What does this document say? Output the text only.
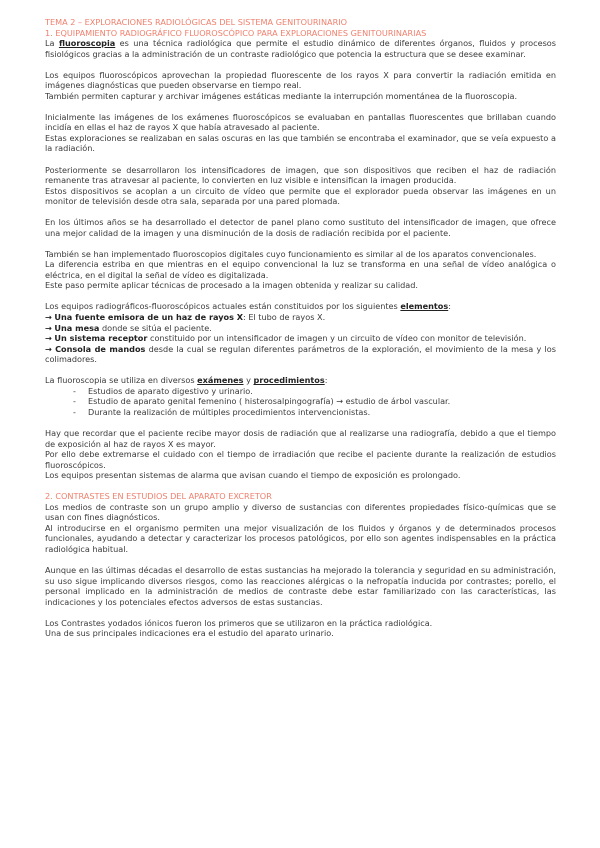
TEMA 2 – EXPLORACIONES RADIOLÓGICAS DEL SISTEMA GENITOURINARIO

1. EQUIPAMIENTO RADIOGRÁFICO FLUOROSCÓPICO PARA EXPLORACIONES GENITOURINARIAS

La fluoroscopia es una técnica radiológica que permite el estudio dinámico de diferentes órganos, fluidos y procesos fisiológicos gracias a la administración de un contraste radiológico que potencia la estructura que se desee examinar.

Los equipos fluoroscópicos aprovechan la propiedad fluorescente de los rayos X para convertir la radiación emitida en imágenes diagnósticas que pueden observarse en tiempo real.

También permiten capturar y archivar imágenes estáticas mediante la interrupción momentánea de la fluoroscopia.

Inicialmente las imágenes de los exámenes fluoroscópicos se evaluaban en pantallas fluorescentes que brillaban cuando incidía en ellas el haz de rayos X que había atravesado al paciente.

Estas exploraciones se realizaban en salas oscuras en las que también se encontraba el examinador, que se veía expuesto a la radiación.

Posteriormente se desarrollaron los intensificadores de imagen, que son dispositivos que reciben el haz de radiación remanente tras atravesar al paciente, lo convierten en luz visible e intensifican la imagen producida.

Estos dispositivos se acoplan a un circuito de vídeo que permite que el explorador pueda observar las imágenes en un monitor de televisión desde otra sala, separada por una pared plomada.

En los últimos años se ha desarrollado el detector de panel plano como sustituto del intensificador de imagen, que ofrece una mejor calidad de la imagen y una disminución de la dosis de radiación recibida por el paciente.

También se han implementado fluoroscopios digitales cuyo funcionamiento es similar al de los aparatos convencionales.

La diferencia estriba en que mientras en el equipo convencional la luz se transforma en una señal de vídeo analógica o eléctrica, en el digital la señal de vídeo es digitalizada.

Este paso permite aplicar técnicas de procesado a la imagen obtenida y realizar su calidad.

Los equipos radiográficos-fluoroscópicos actuales están constituidos por los siguientes elementos:

→ Una fuente emisora de un haz de rayos X: El tubo de rayos X.

→ Una mesa donde se sitúa el paciente.

→ Un sistema receptor constituido por un intensificador de imagen y un circuito de vídeo con monitor de televisión.

→ Consola de mandos desde la cual se regulan diferentes parámetros de la exploración, el movimiento de la mesa y los colimadores.

La fluoroscopia se utiliza en diversos exámenes y procedimientos:

- Estudios de aparato digestivo y urinario.
- Estudio de aparato genital femenino ( histerosalpingografía) → estudio de árbol vascular.
- Durante la realización de múltiples procedimientos intervencionistas.

Hay que recordar que el paciente recibe mayor dosis de radiación que al realizarse una radiografía, debido a que el tiempo de exposición al haz de rayos X es mayor.

Por ello debe extremarse el cuidado con el tiempo de irradiación que recibe el paciente durante la realización de estudios fluoroscópicos.

Los equipos presentan sistemas de alarma que avisan cuando el tiempo de exposición es prolongado.

2. CONTRASTES EN ESTUDIOS DEL APARATO EXCRETOR

Los medios de contraste son un grupo amplio y diverso de sustancias con diferentes propiedades físico-químicas que se usan con fines diagnósticos.

Al introducirse en el organismo permiten una mejor visualización de los fluidos y órganos y de determinados procesos funcionales, ayudando a detectar y caracterizar los procesos patológicos, por ello son agentes indispensables en la práctica radiológica habitual.

Aunque en las últimas décadas el desarrollo de estas sustancias ha mejorado la tolerancia y seguridad en su administración, su uso sigue implicando diversos riesgos, como las reacciones alérgicas o la nefropatía inducida por contrastes; porello, el personal implicado en la administración de medios de contraste debe estar familiarizado con las características, las indicaciones y los potenciales efectos adversos de estas sustancias.

Los Contrastes yodados iónicos fueron los primeros que se utilizaron en la práctica radiológica.

Una de sus principales indicaciones era el estudio del aparato urinario.
